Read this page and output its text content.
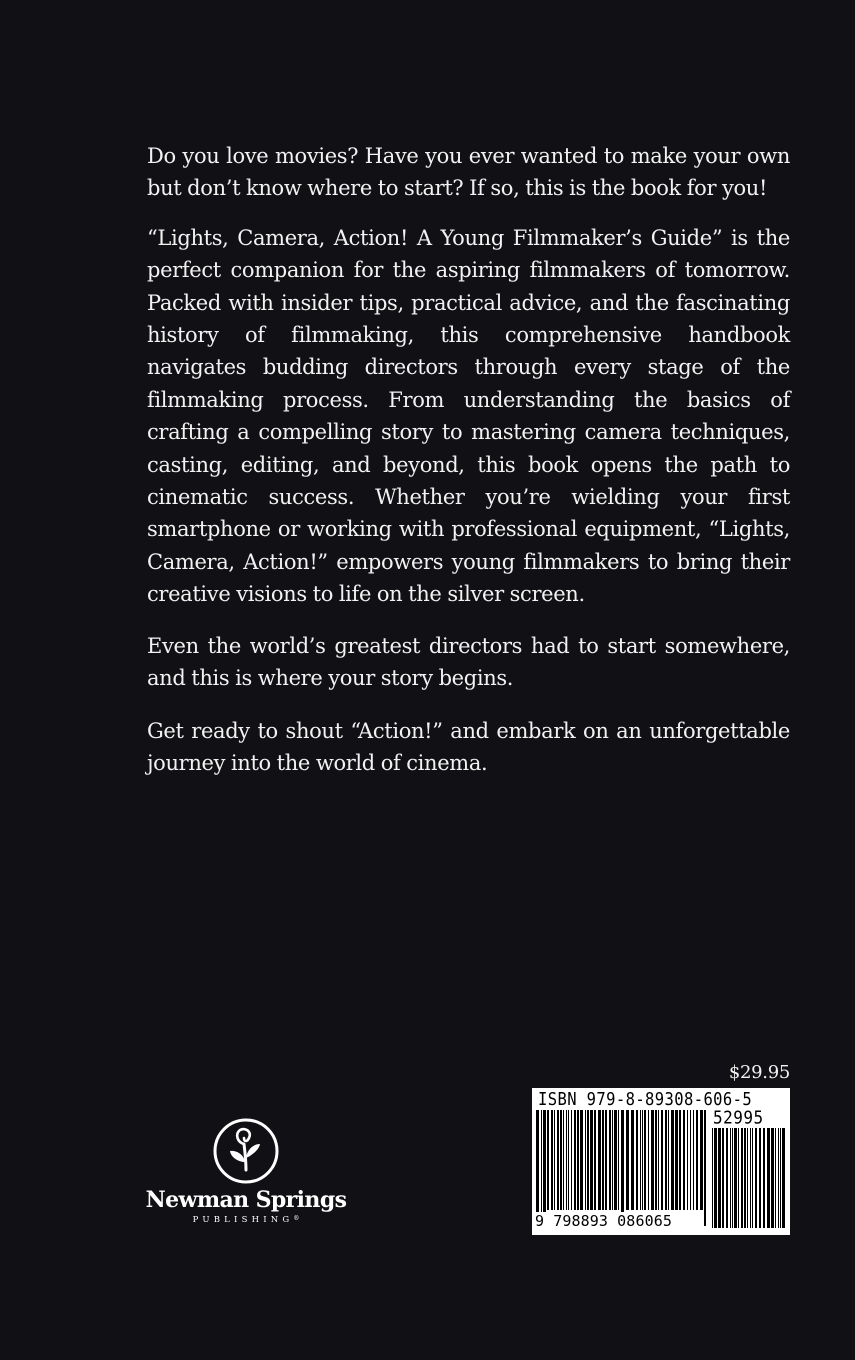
Do you love movies? Have you ever wanted to make your own but don’t know where to start? If so, this is the book for you!

“Lights, Camera, Action! A Young Filmmaker’s Guide” is the perfect companion for the aspiring filmmakers of tomorrow. Packed with insider tips, practical advice, and the fascinating history of filmmaking, this comprehensive handbook navigates budding directors through every stage of the filmmaking process. From understanding the basics of crafting a compelling story to mastering camera techniques, casting, editing, and beyond, this book opens the path to cinematic success. Whether you’re wielding your first smartphone or working with professional equipment, “Lights, Camera, Action!” empowers young filmmakers to bring their creative visions to life on the silver screen.

Even the world’s greatest directors had to start somewhere, and this is where your story begins.

Get ready to shout “Action!” and embark on an unforgettable journey into the world of cinema.

Newman Springs
PUBLISHING®
$29.95
ISBN 979-8-89308-606-5
52995
9 798893 086065
